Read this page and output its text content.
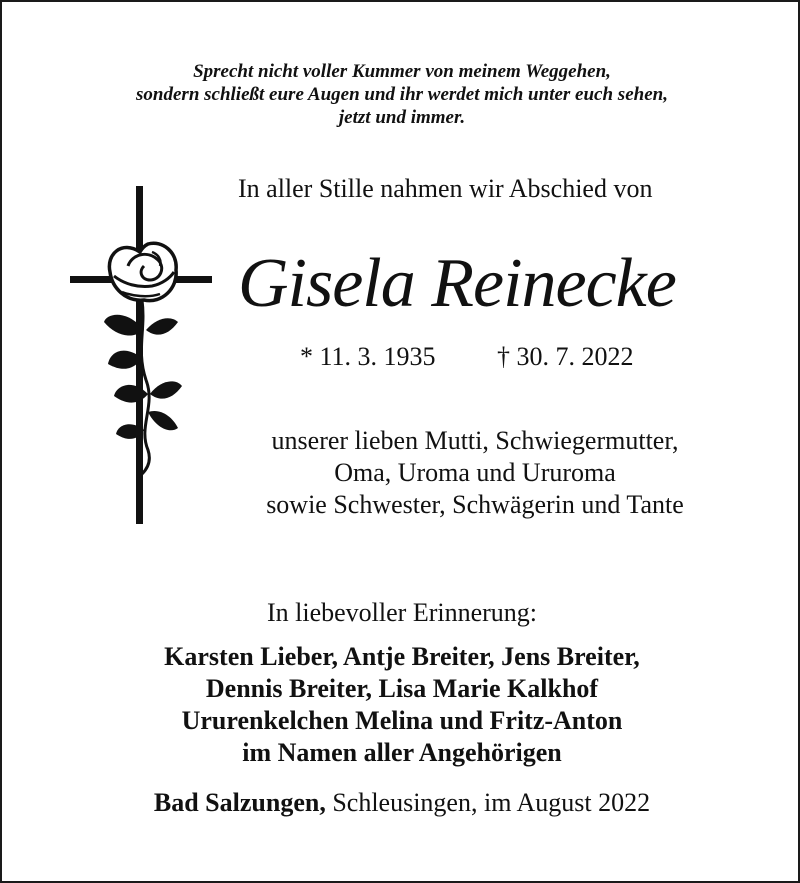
Sprecht nicht voller Kummer von meinem Weggehen,
sondern schließt eure Augen und ihr werdet mich unter euch sehen,
jetzt und immer.
In aller Stille nahmen wir Abschied von
Gisela Reinecke
* 11. 3. 1935 † 30. 7. 2022
unserer lieben Mutti, Schwiegermutter,
Oma, Uroma und Ururoma
sowie Schwester, Schwägerin und Tante
In liebevoller Erinnerung:
Karsten Lieber, Antje Breiter, Jens Breiter,
Dennis Breiter, Lisa Marie Kalkhof
Ururenkelchen Melina und Fritz-Anton
im Namen aller Angehörigen
Bad Salzungen, Schleusingen, im August 2022
